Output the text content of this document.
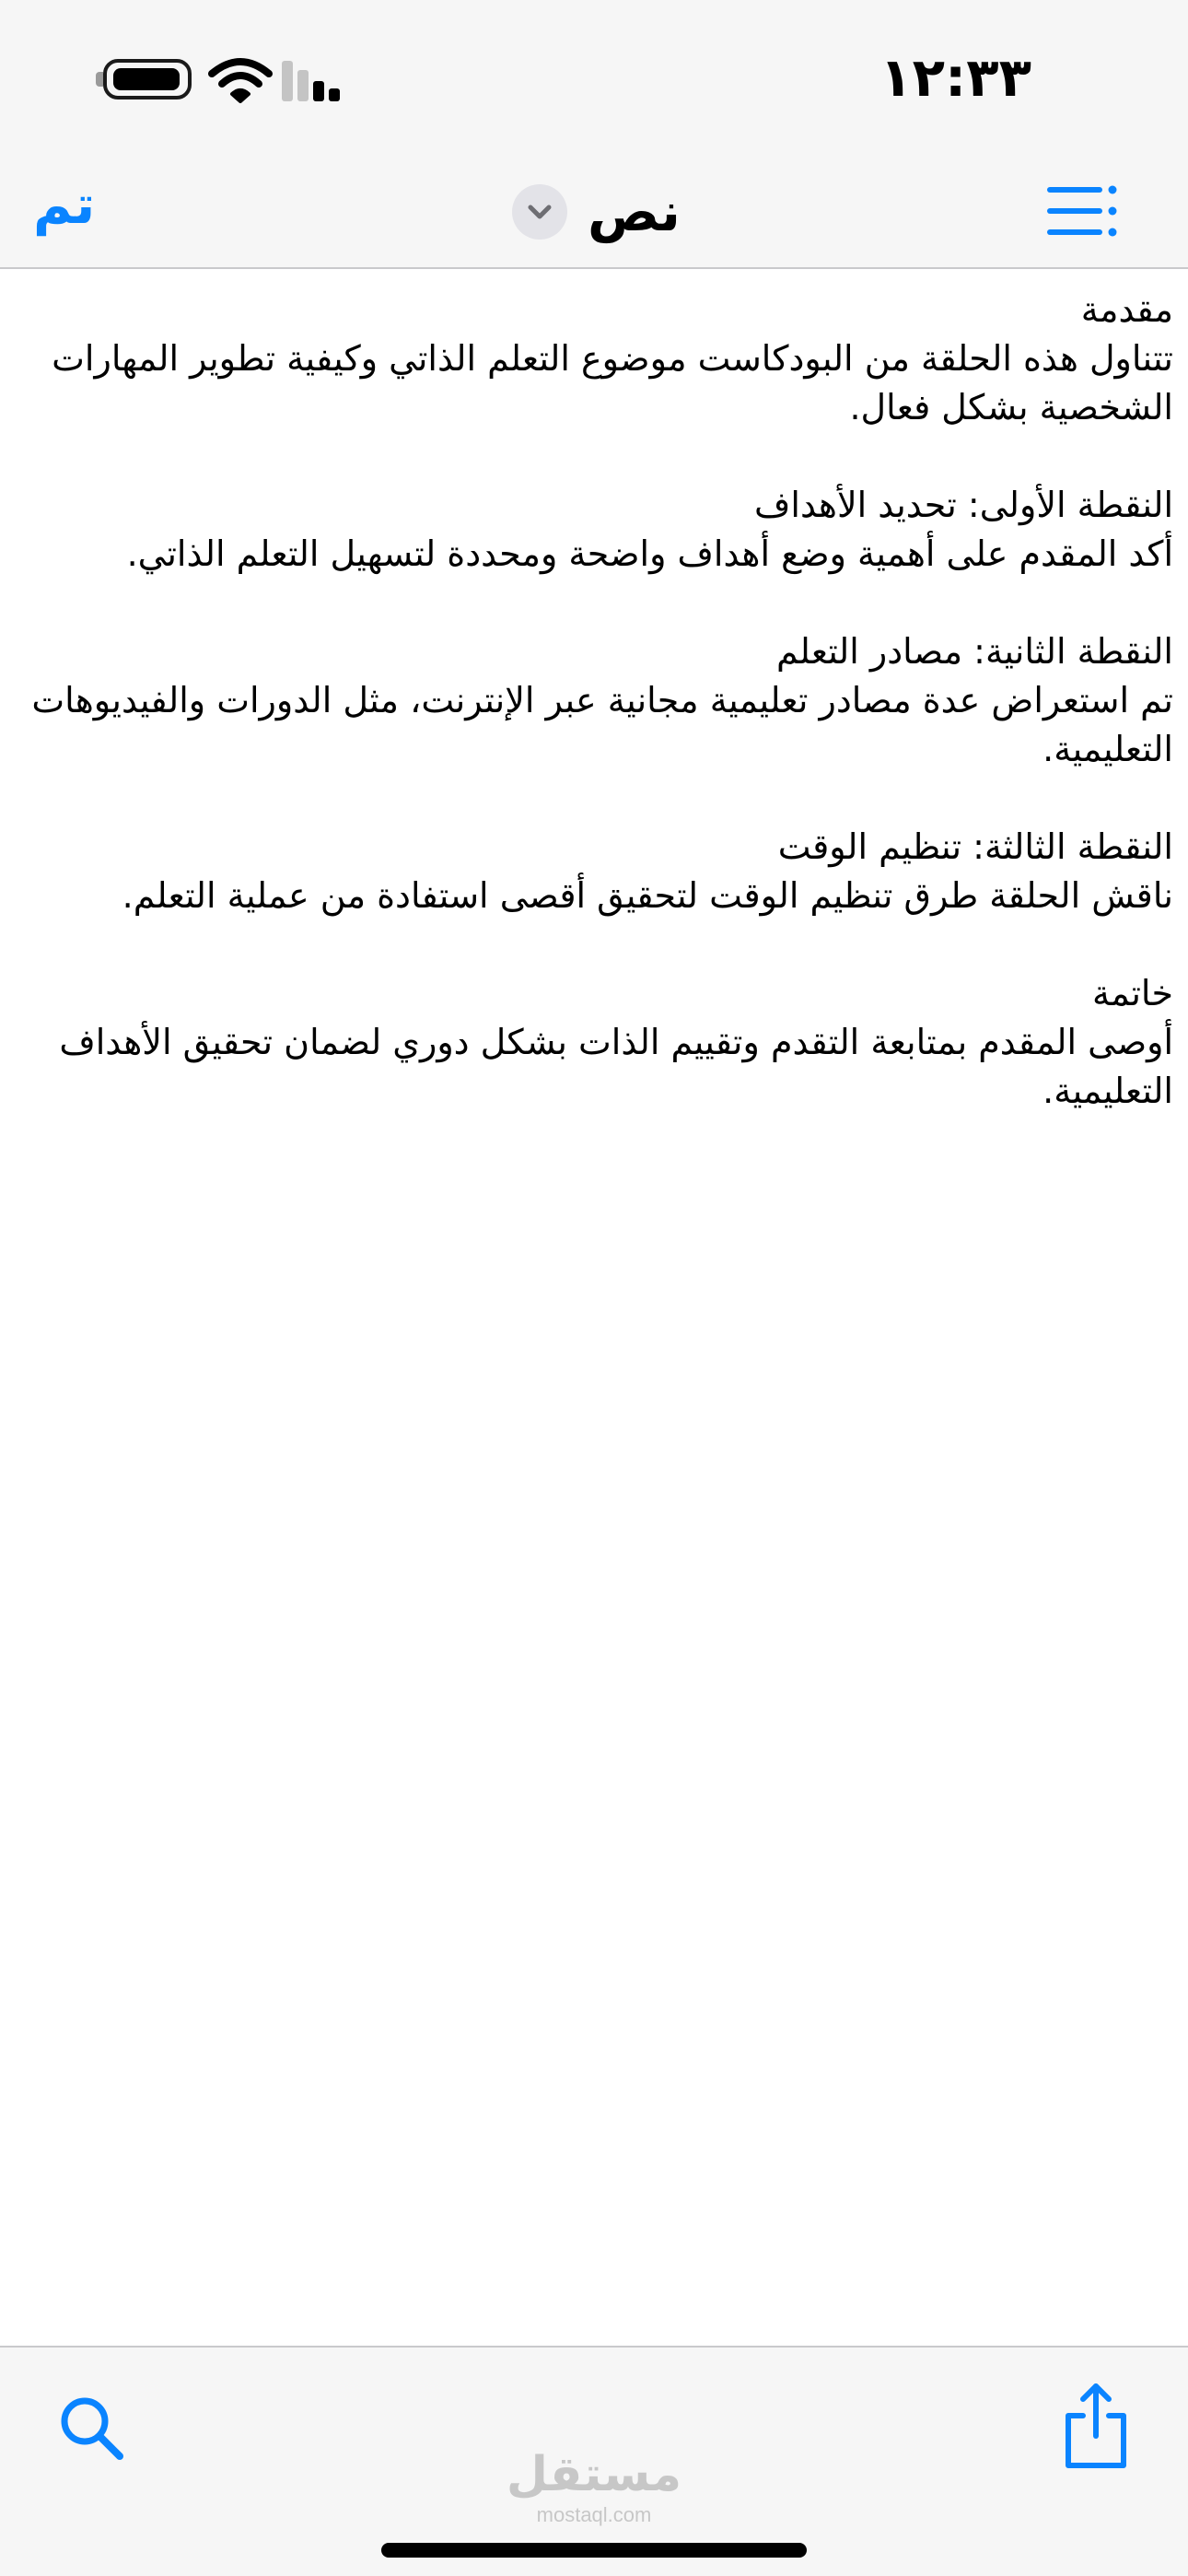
١٢:٣٣
تم	نص
مقدمة
تتناول هذه الحلقة من البودكاست موضوع التعلم الذاتي وكيفية تطوير المهارات الشخصية بشكل فعال.
النقطة الأولى: تحديد الأهداف
أكد المقدم على أهمية وضع أهداف واضحة ومحددة لتسهيل التعلم الذاتي.
النقطة الثانية: مصادر التعلم
تم استعراض عدة مصادر تعليمية مجانية عبر الإنترنت، مثل الدورات والفيديوهات التعليمية.
النقطة الثالثة: تنظيم الوقت
ناقش الحلقة طرق تنظيم الوقت لتحقيق أقصى استفادة من عملية التعلم.
خاتمة
أوصى المقدم بمتابعة التقدم وتقييم الذات بشكل دوري لضمان تحقيق الأهداف التعليمية.
مستقل
mostaql.com
